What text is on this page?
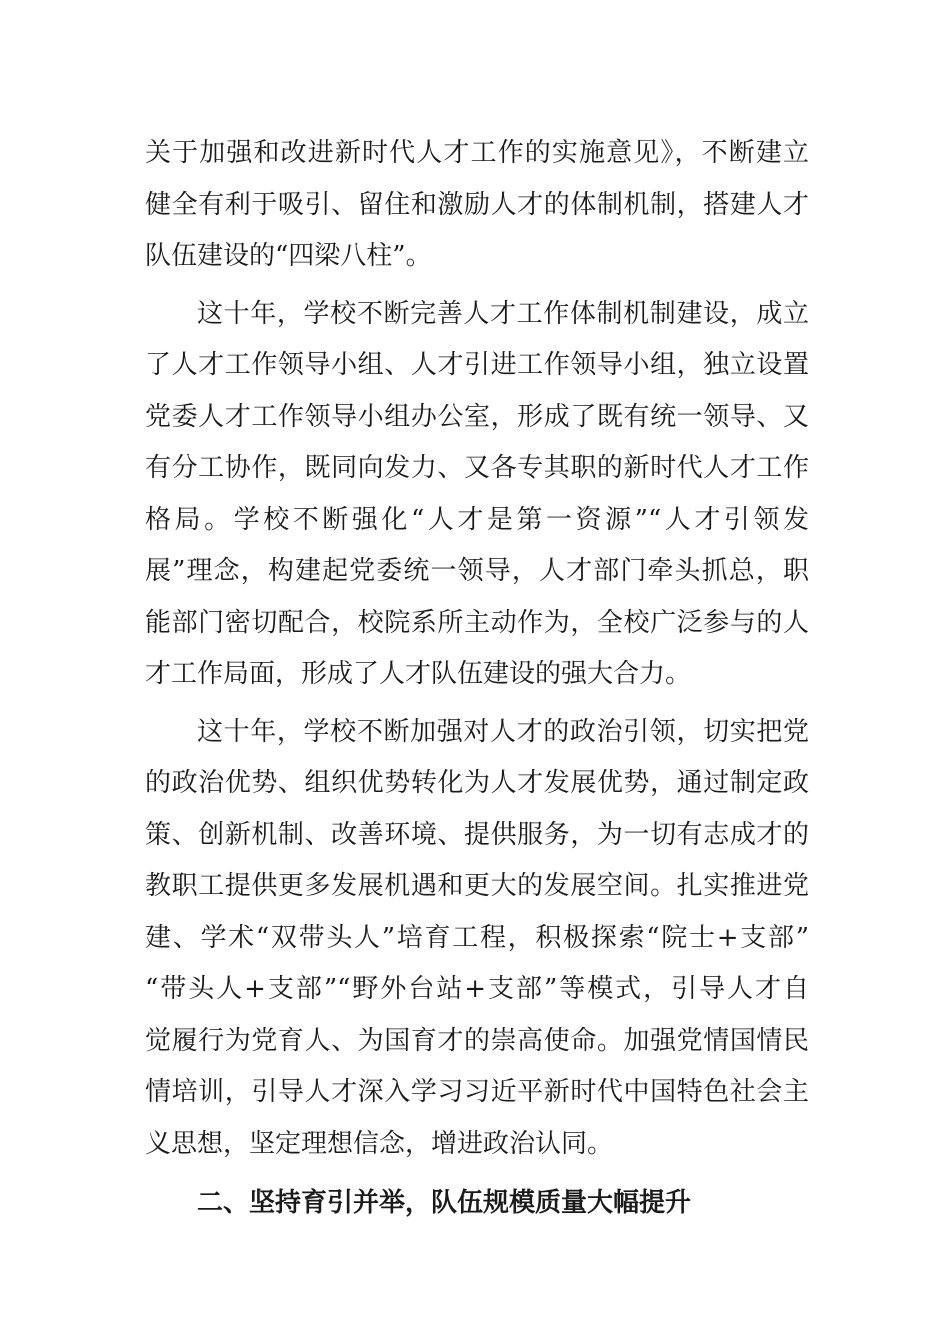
关于加强和改进新时代人才工作的实施意见》，不断建立
健全有利于吸引、留住和激励人才的体制机制，搭建人才
队伍建设的“四梁八柱”。
这十年，学校不断完善人才工作体制机制建设，成立
了人才工作领导小组、人才引进工作领导小组，独立设置
党委人才工作领导小组办公室，形成了既有统一领导、又
有分工协作，既同向发力、又各专其职的新时代人才工作
格局。学校不断强化“人才是第一资源”“人才引领发
展”理念，构建起党委统一领导，人才部门牵头抓总，职
能部门密切配合，校院系所主动作为，全校广泛参与的人
才工作局面，形成了人才队伍建设的强大合力。
这十年，学校不断加强对人才的政治引领，切实把党
的政治优势、组织优势转化为人才发展优势，通过制定政
策、创新机制、改善环境、提供服务，为一切有志成才的
教职工提供更多发展机遇和更大的发展空间。扎实推进党
建、学术“双带头人”培育工程，积极探索“院士+支部”
“带头人+支部”“野外台站+支部”等模式，引导人才自
觉履行为党育人、为国育才的崇高使命。加强党情国情民
情培训，引导人才深入学习习近平新时代中国特色社会主
义思想，坚定理想信念，增进政治认同。
二、坚持育引并举，队伍规模质量大幅提升
